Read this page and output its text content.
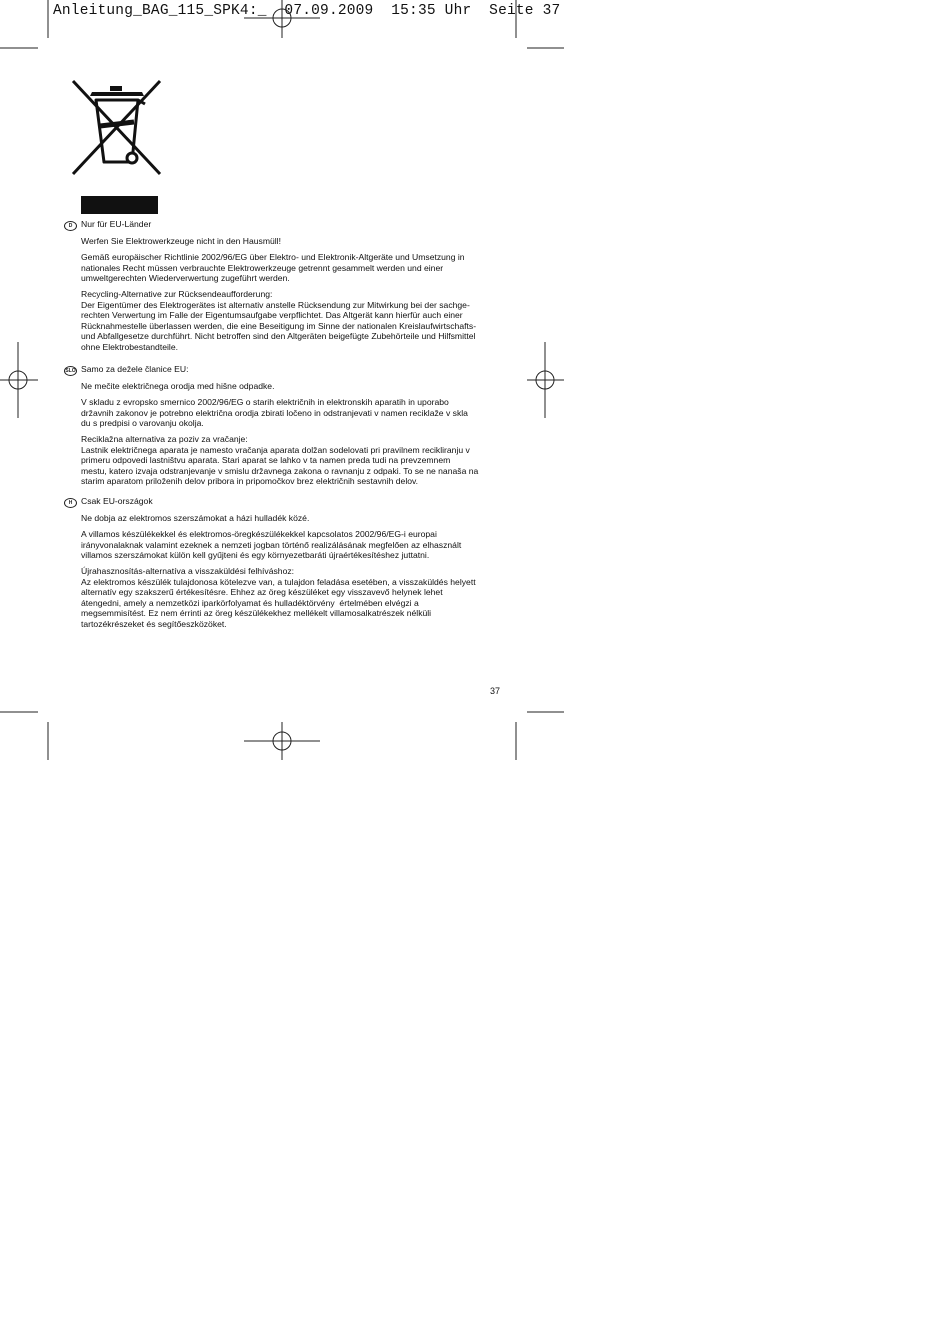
Anleitung_BAG_115_SPK4:_  07.09.2009  15:35 Uhr  Seite 37
D	Nur für EU-Länder
Werfen Sie Elektrowerkzeuge nicht in den Hausmüll!
Gemäß europäischer Richtlinie 2002/96/EG über Elektro- und Elektronik-Altgeräte und Umsetzung in
nationales Recht müssen verbrauchte Elektrowerkzeuge getrennt gesammelt werden und einer
umweltgerechten Wiederverwertung zugeführt werden.
Recycling-Alternative zur Rücksendeaufforderung:
Der Eigentümer des Elektrogerätes ist alternativ anstelle Rücksendung zur Mitwirkung bei der sachge-
rechten Verwertung im Falle der Eigentumsaufgabe verpflichtet. Das Altgerät kann hierfür auch einer
Rücknahmestelle überlassen werden, die eine Beseitigung im Sinne der nationalen Kreislaufwirtschafts-
und Abfallgesetze durchführt. Nicht betroffen sind den Altgeräten beigefügte Zubehörteile und Hilfsmittel
ohne Elektrobestandteile.
SLO Samo za dežele članice EU:
Ne mečite električnega orodja med hišne odpadke.
V skladu z evropsko smernico 2002/96/EG o starih električnih in elektronskih aparatih in uporabo
državnih zakonov je potrebno električna orodja zbirati ločeno in odstranjevati v namen reciklaže v skla
du s predpisi o varovanju okolja.
Reciklažna alternativa za poziv za vračanje:
Lastnik električnega aparata je namesto vračanja aparata dolžan sodelovati pri pravilnem recikliranju v
primeru odpovedi lastništvu aparata. Stari aparat se lahko v ta namen preda tudi na prevzemnem
mestu, katero izvaja odstranjevanje v smislu državnega zakona o ravnanju z odpaki. To se ne nanaša na
starim aparatom priloženih delov pribora in pripomočkov brez električnih sestavnih delov.
H	Csak EU-országok
Ne dobja az elektromos szerszámokat a házi hulladék közé.
A villamos készülékekkel és elektromos-öregkészülékekkel kapcsolatos 2002/96/EG-i europai
irányvonalaknak valamint ezeknek a nemzeti jogban történő realizálásának megfelően az elhasznált
villamos szerszámokat külön kell gyűjteni és egy környezetbaráti újraértékesítéshez juttatni.
Újrahasznosítás-alternatíva a visszaküldési felhíváshoz:
Az elektromos készülék tulajdonosa kötelezve van, a tulajdon feladása esetében, a visszaküldés helyett
alternatív egy szakszerű értékesítésre. Ehhez az öreg készüléket egy visszavevő helynek lehet
átengedni, amely a nemzetközi iparkörfolyamat és hulladéktörvény  értelmében elvégzi a
megsemmisítést. Ez nem érrinti az öreg készülékekhez mellékelt villamosalkatrészek nélküli
tartozékrészeket és segítőeszközöket.
37
